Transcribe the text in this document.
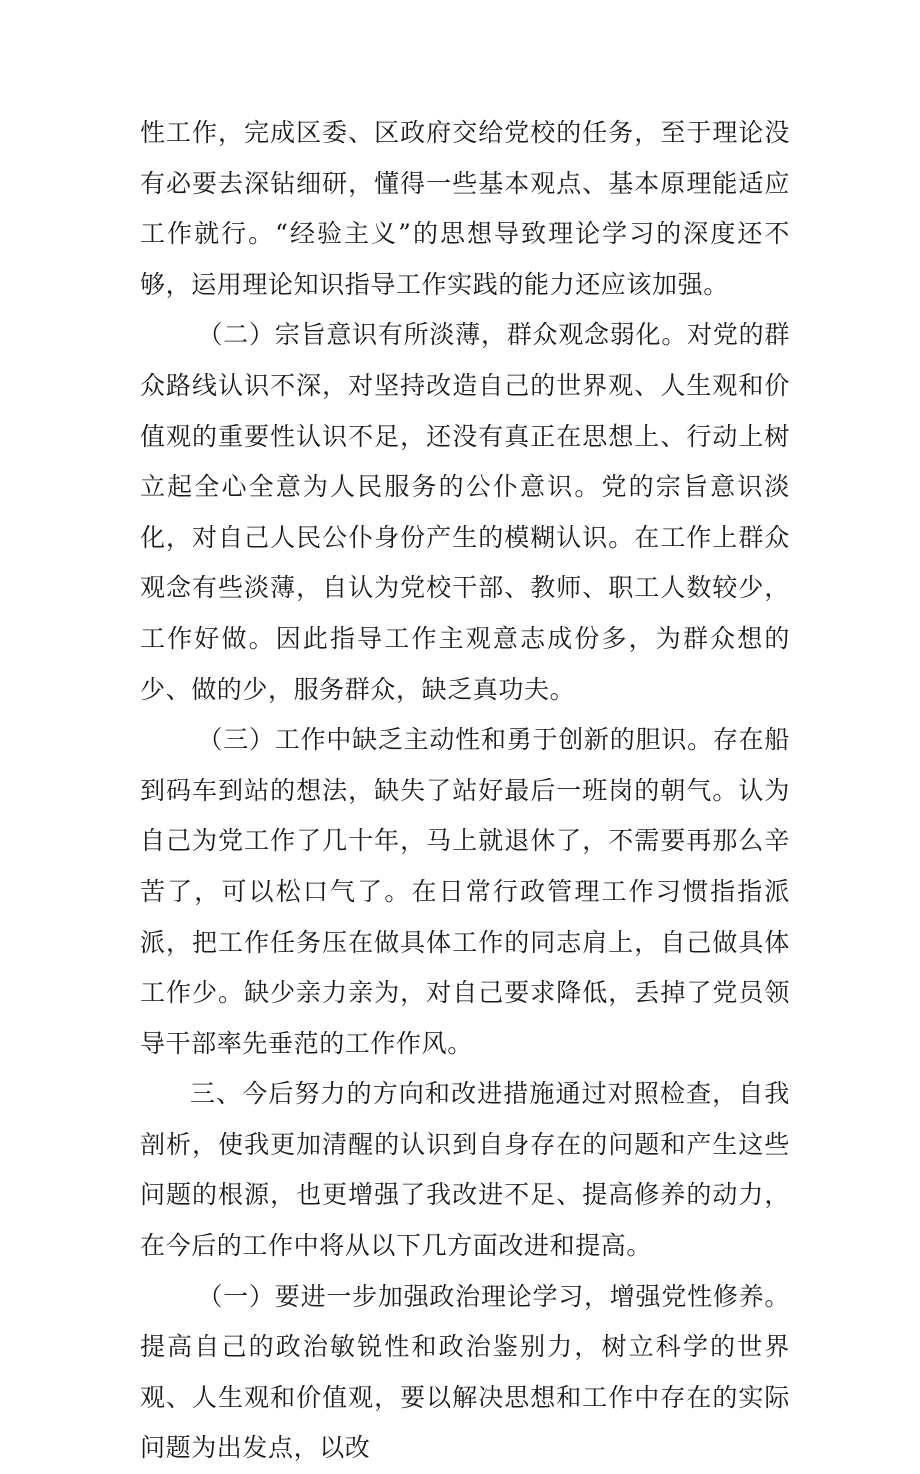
性工作，完成区委、区政府交给党校的任务，至于理论没有必要去深钻细研，懂得一些基本观点、基本原理能适应工作就行。“经验主义”的思想导致理论学习的深度还不够，运用理论知识指导工作实践的能力还应该加强。

（二）宗旨意识有所淡薄，群众观念弱化。对党的群众路线认识不深，对坚持改造自己的世界观、人生观和价值观的重要性认识不足，还没有真正在思想上、行动上树立起全心全意为人民服务的公仆意识。党的宗旨意识淡化，对自己人民公仆身份产生的模糊认识。在工作上群众观念有些淡薄，自认为党校干部、教师、职工人数较少，工作好做。因此指导工作主观意志成份多，为群众想的少、做的少，服务群众，缺乏真功夫。

（三）工作中缺乏主动性和勇于创新的胆识。存在船到码车到站的想法，缺失了站好最后一班岗的朝气。认为自己为党工作了几十年，马上就退休了，不需要再那么辛苦了，可以松口气了。在日常行政管理工作习惯指指派派，把工作任务压在做具体工作的同志肩上，自己做具体工作少。缺少亲力亲为，对自己要求降低，丢掉了党员领导干部率先垂范的工作作风。

三、今后努力的方向和改进措施通过对照检查，自我剖析，使我更加清醒的认识到自身存在的问题和产生这些问题的根源，也更增强了我改进不足、提高修养的动力，在今后的工作中将从以下几方面改进和提高。

（一）要进一步加强政治理论学习，增强党性修养。提高自己的政治敏锐性和政治鉴别力，树立科学的世界观、人生观和价值观，要以解决思想和工作中存在的实际问题为出发点，以改
